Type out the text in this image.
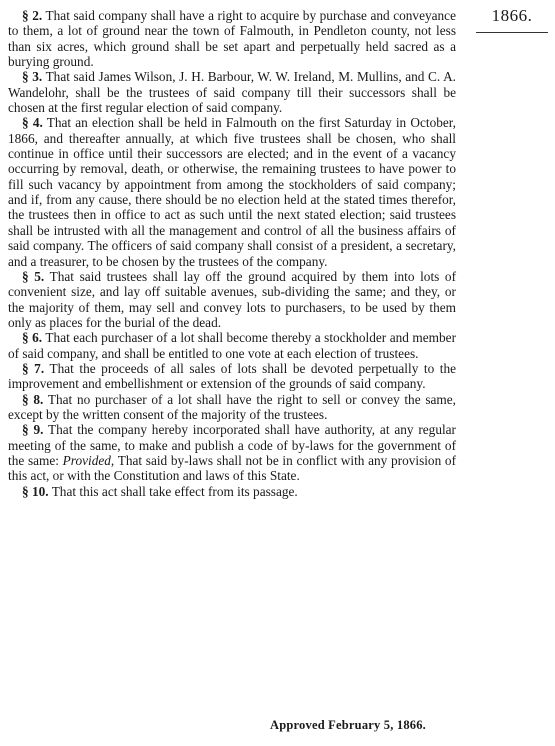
1866.

§ 2. That said company shall have a right to acquire by purchase and conveyance to them, a lot of ground near the town of Falmouth, in Pendleton county, not less than six acres, which ground shall be set apart and perpetually held sacred as a burying ground.

§ 3. That said James Wilson, J. H. Barbour, W. W. Ireland, M. Mullins, and C. A. Wandelohr, shall be the trustees of said company till their successors shall be chosen at the first regular election of said company.

§ 4. That an election shall be held in Falmouth on the first Saturday in October, 1866, and thereafter annually, at which five trustees shall be chosen, who shall continue in office until their successors are elected; and in the event of a vacancy occurring by removal, death, or otherwise, the remaining trustees to have power to fill such vacancy by appointment from among the stockholders of said company; and if, from any cause, there should be no election held at the stated times therefor, the trustees then in office to act as such until the next stated election; said trustees shall be intrusted with all the management and control of all the business affairs of said company. The officers of said company shall consist of a president, a secretary, and a treasurer, to be chosen by the trustees of the company.

§ 5. That said trustees shall lay off the ground acquired by them into lots of convenient size, and lay off suitable avenues, sub-dividing the same; and they, or the majority of them, may sell and convey lots to purchasers, to be used by them only as places for the burial of the dead.

§ 6. That each purchaser of a lot shall become thereby a stockholder and member of said company, and shall be entitled to one vote at each election of trustees.

§ 7. That the proceeds of all sales of lots shall be devoted perpetually to the improvement and embellishment or extension of the grounds of said company.

§ 8. That no purchaser of a lot shall have the right to sell or convey the same, except by the written consent of the majority of the trustees.

§ 9. That the company hereby incorporated shall have authority, at any regular meeting of the same, to make and publish a code of by-laws for the government of the same: Provided, That said by-laws shall not be in conflict with any provision of this act, or with the Constitution and laws of this State.

§ 10. That this act shall take effect from its passage.

Approved February 5, 1866.
